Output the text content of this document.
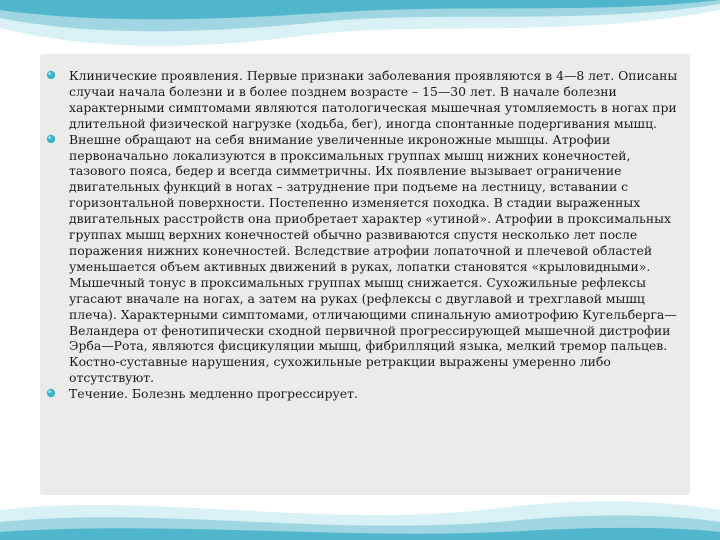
Клинические проявления. Первые признаки заболевания проявляются в 4—8 лет. Описаны случаи начала болезни и в более позднем возрасте – 15—30 лет. В начале болезни характерными симптомами являются патологическая мышечная утомляемость в ногах при длительной физической нагрузке (ходьба, бег), иногда спонтанные подергивания мышц.
Внешне обращают на себя внимание увеличенные икроножные мышцы. Атрофии первоначально локализуются в проксимальных группах мышц нижних конечностей, тазового пояса, бедер и всегда симметричны. Их появление вызывает ограничение двигательных функций в ногах – затруднение при подъеме на лестницу, вставании с горизонтальной поверхности. Постепенно изменяется походка. В стадии выраженных двигательных расстройств она приобретает характер «утиной». Атрофии в проксимальных группах мышц верхних конечностей обычно развиваются спустя несколько лет после поражения нижних конечностей. Вследствие атрофии лопаточной и плечевой областей уменьшается объем активных движений в руках, лопатки становятся «крыловидными». Мышечный тонус в проксимальных группах мышц снижается. Сухожильные рефлексы угасают вначале на ногах, а затем на руках (рефлексы с двуглавой и трехглавой мышц плеча). Характерными симптомами, отличающими спинальную амиотрофию Кугельберга—Веландера от фенотипически сходной первичной прогрессирующей мышечной дистрофии Эрба—Рота, являются фисцикуляции мышц, фибрилляций языка, мелкий тремор пальцев. Костно-суставные нарушения, сухожильные ретракции выражены умеренно либо отсутствуют.
Течение. Болезнь медленно прогрессирует.
